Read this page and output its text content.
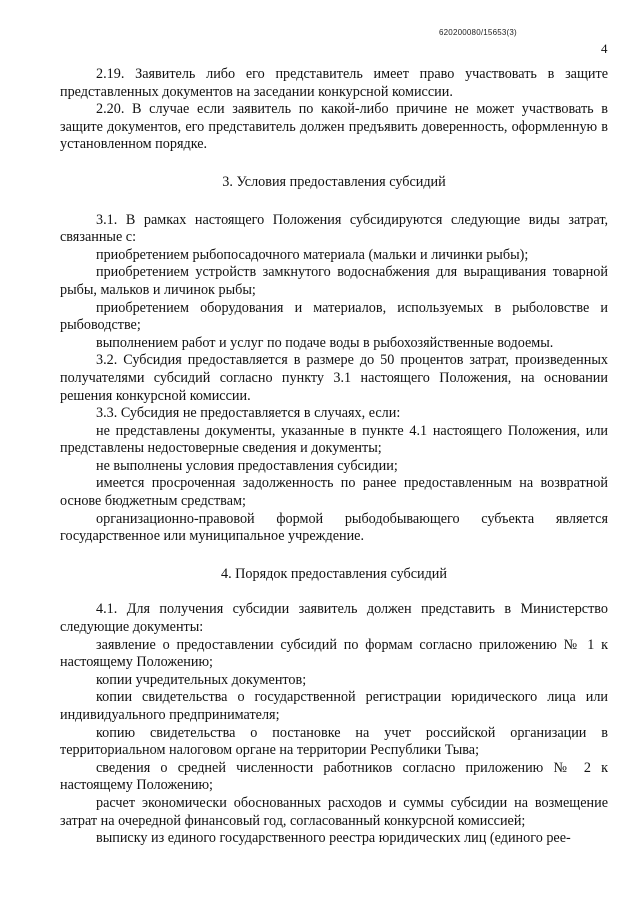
620200080/15653(3)
4

2.19. Заявитель либо его представитель имеет право участвовать в защите представленных документов на заседании конкурсной комиссии.

2.20. В случае если заявитель по какой-либо причине не может участвовать в защите документов, его представитель должен предъявить доверенность, оформленную в установленном порядке.

3. Условия предоставления субсидий

3.1. В рамках настоящего Положения субсидируются следующие виды затрат, связанные с:

приобретением рыбопосадочного материала (мальки и личинки рыбы);

приобретением устройств замкнутого водоснабжения для выращивания товарной рыбы, мальков и личинок рыбы;

приобретением оборудования и материалов, используемых в рыболовстве и рыбоводстве;

выполнением работ и услуг по подаче воды в рыбохозяйственные водоемы.

3.2. Субсидия предоставляется в размере до 50 процентов затрат, произведенных получателями субсидий согласно пункту 3.1 настоящего Положения, на основании решения конкурсной комиссии.

3.3. Субсидия не предоставляется в случаях, если:

не представлены документы, указанные в пункте 4.1 настоящего Положения, или представлены недостоверные сведения и документы;

не выполнены условия предоставления субсидии;

имеется просроченная задолженность по ранее предоставленным на возвратной основе бюджетным средствам;

организационно-правовой формой рыбодобывающего субъекта является государственное или муниципальное учреждение.

4. Порядок предоставления субсидий

4.1. Для получения субсидии заявитель должен представить в Министерство следующие документы:

заявление о предоставлении субсидий по формам согласно приложению № 1 к настоящему Положению;

копии учредительных документов;

копии свидетельства о государственной регистрации юридического лица или индивидуального предпринимателя;

копию свидетельства о постановке на учет российской организации в территориальном налоговом органе на территории Республики Тыва;

сведения о средней численности работников согласно приложению № 2 к настоящему Положению;

расчет экономически обоснованных расходов и суммы субсидии на возмещение затрат на очередной финансовый год, согласованный конкурсной комиссией;

выписку из единого государственного реестра юридических лиц (единого рее-
